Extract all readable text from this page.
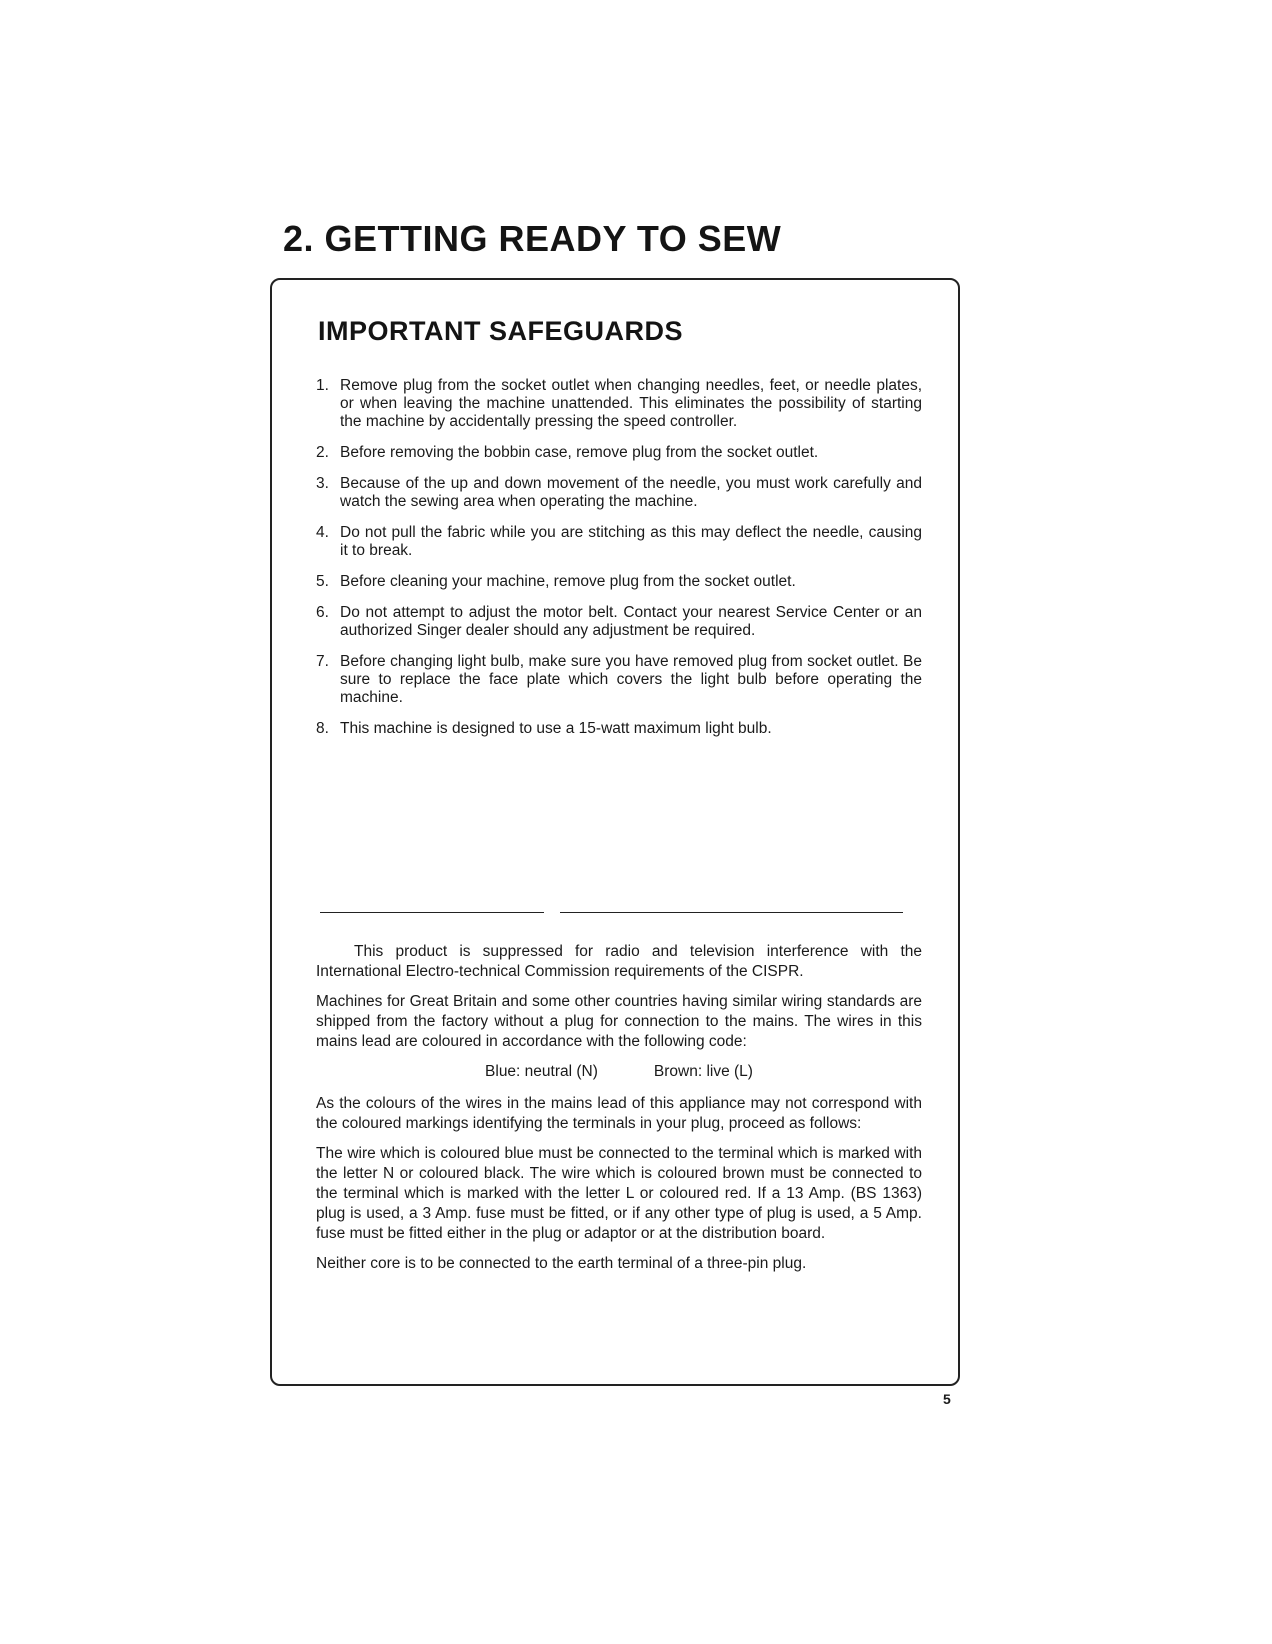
2. GETTING READY TO SEW
IMPORTANT SAFEGUARDS
1. Remove plug from the socket outlet when changing needles, feet, or needle plates, or when leaving the machine unattended. This eliminates the possibility of starting the machine by accidentally pressing the speed controller.
2. Before removing the bobbin case, remove plug from the socket outlet.
3. Because of the up and down movement of the needle, you must work carefully and watch the sewing area when operating the machine.
4. Do not pull the fabric while you are stitching as this may deflect the needle, causing it to break.
5. Before cleaning your machine, remove plug from the socket outlet.
6. Do not attempt to adjust the motor belt. Contact your nearest Service Center or an authorized Singer dealer should any adjustment be required.
7. Before changing light bulb, make sure you have removed plug from socket outlet. Be sure to replace the face plate which covers the light bulb before operating the machine.
8. This machine is designed to use a 15-watt maximum light bulb.

This product is suppressed for radio and television interference with the International Electro-technical Commission requirements of the CISPR.

Machines for Great Britain and some other countries having similar wiring standards are shipped from the factory without a plug for connection to the mains. The wires in this mains lead are coloured in accordance with the following code:

Blue: neutral (N)	Brown: live (L)

As the colours of the wires in the mains lead of this appliance may not correspond with the coloured markings identifying the terminals in your plug, proceed as follows:

The wire which is coloured blue must be connected to the terminal which is marked with the letter N or coloured black. The wire which is coloured brown must be connected to the terminal which is marked with the letter L or coloured red. If a 13 Amp. (BS 1363) plug is used, a 3 Amp. fuse must be fitted, or if any other type of plug is used, a 5 Amp. fuse must be fitted either in the plug or adaptor or at the distribution board.

Neither core is to be connected to the earth terminal of a three-pin plug.

5
